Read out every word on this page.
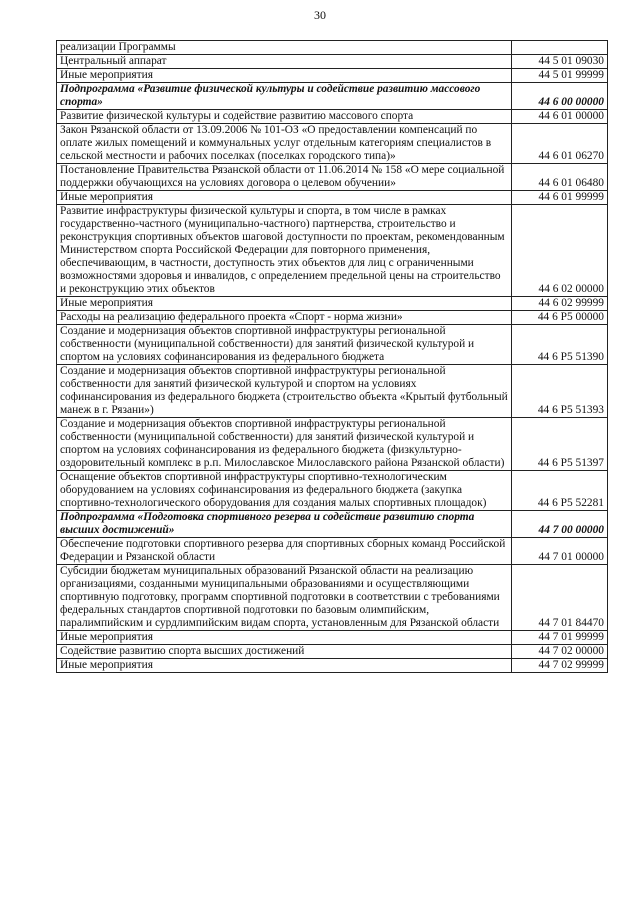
30
реализации Программы	
Центральный аппарат	44 5 01 09030
Иные мероприятия	44 5 01 99999
Подпрограмма «Развитие физической культуры и содействие развитию массового спорта»	44 6 00 00000
Развитие физической культуры и содействие развитию массового спорта	44 6 01 00000
Закон Рязанской области от 13.09.2006 № 101-ОЗ «О предоставлении компенсаций по оплате жилых помещений и коммунальных услуг отдельным категориям специалистов в сельской местности и рабочих поселках (поселках городского типа)»	44 6 01 06270
Постановление Правительства Рязанской области от 11.06.2014 № 158 «О мере социальной поддержки обучающихся на условиях договора о целевом обучении»	44 6 01 06480
Иные мероприятия	44 6 01 99999
Развитие инфраструктуры физической культуры и спорта, в том числе в рамках государственно-частного (муниципально-частного) партнерства, строительство и реконструкция спортивных объектов шаговой доступности по проектам, рекомендованным Министерством спорта Российской Федерации для повторного применения, обеспечивающим, в частности, доступность этих объектов для лиц с ограниченными возможностями здоровья и инвалидов, с определением предельной цены на строительство и реконструкцию этих объектов	44 6 02 00000
Иные мероприятия	44 6 02 99999
Расходы на реализацию федерального проекта «Спорт - норма жизни»	44 6 P5 00000
Создание и модернизация объектов спортивной инфраструктуры региональной собственности (муниципальной собственности) для занятий физической культурой и спортом на условиях софинансирования из федерального бюджета	44 6 P5 51390
Создание и модернизация объектов спортивной инфраструктуры региональной собственности для занятий физической культурой и спортом на условиях софинансирования из федерального бюджета (строительство объекта «Крытый футбольный манеж в г. Рязани»)	44 6 P5 51393
Создание и модернизация объектов спортивной инфраструктуры региональной собственности (муниципальной собственности) для занятий физической культурой и спортом на условиях софинансирования из федерального бюджета (физкультурно-оздоровительный комплекс в р.п. Милославское Милославского района Рязанской области)	44 6 P5 51397
Оснащение объектов спортивной инфраструктуры спортивно-технологическим оборудованием на условиях софинансирования из федерального бюджета (закупка спортивно-технологического оборудования для создания малых спортивных площадок)	44 6 P5 52281
Подпрограмма «Подготовка спортивного резерва и содействие развитию спорта высших достижений»	44 7 00 00000
Обеспечение подготовки спортивного резерва для спортивных сборных команд Российской Федерации и Рязанской области	44 7 01 00000
Субсидии бюджетам муниципальных образований Рязанской области на реализацию организациями, созданными муниципальными образованиями и осуществляющими спортивную подготовку, программ спортивной подготовки в соответствии с требованиями федеральных стандартов спортивной подготовки по базовым олимпийским, паралимпийским и сурдлимпийским видам спорта, установленным для Рязанской области	44 7 01 84470
Иные мероприятия	44 7 01 99999
Содействие развитию спорта высших достижений	44 7 02 00000
Иные мероприятия	44 7 02 99999
